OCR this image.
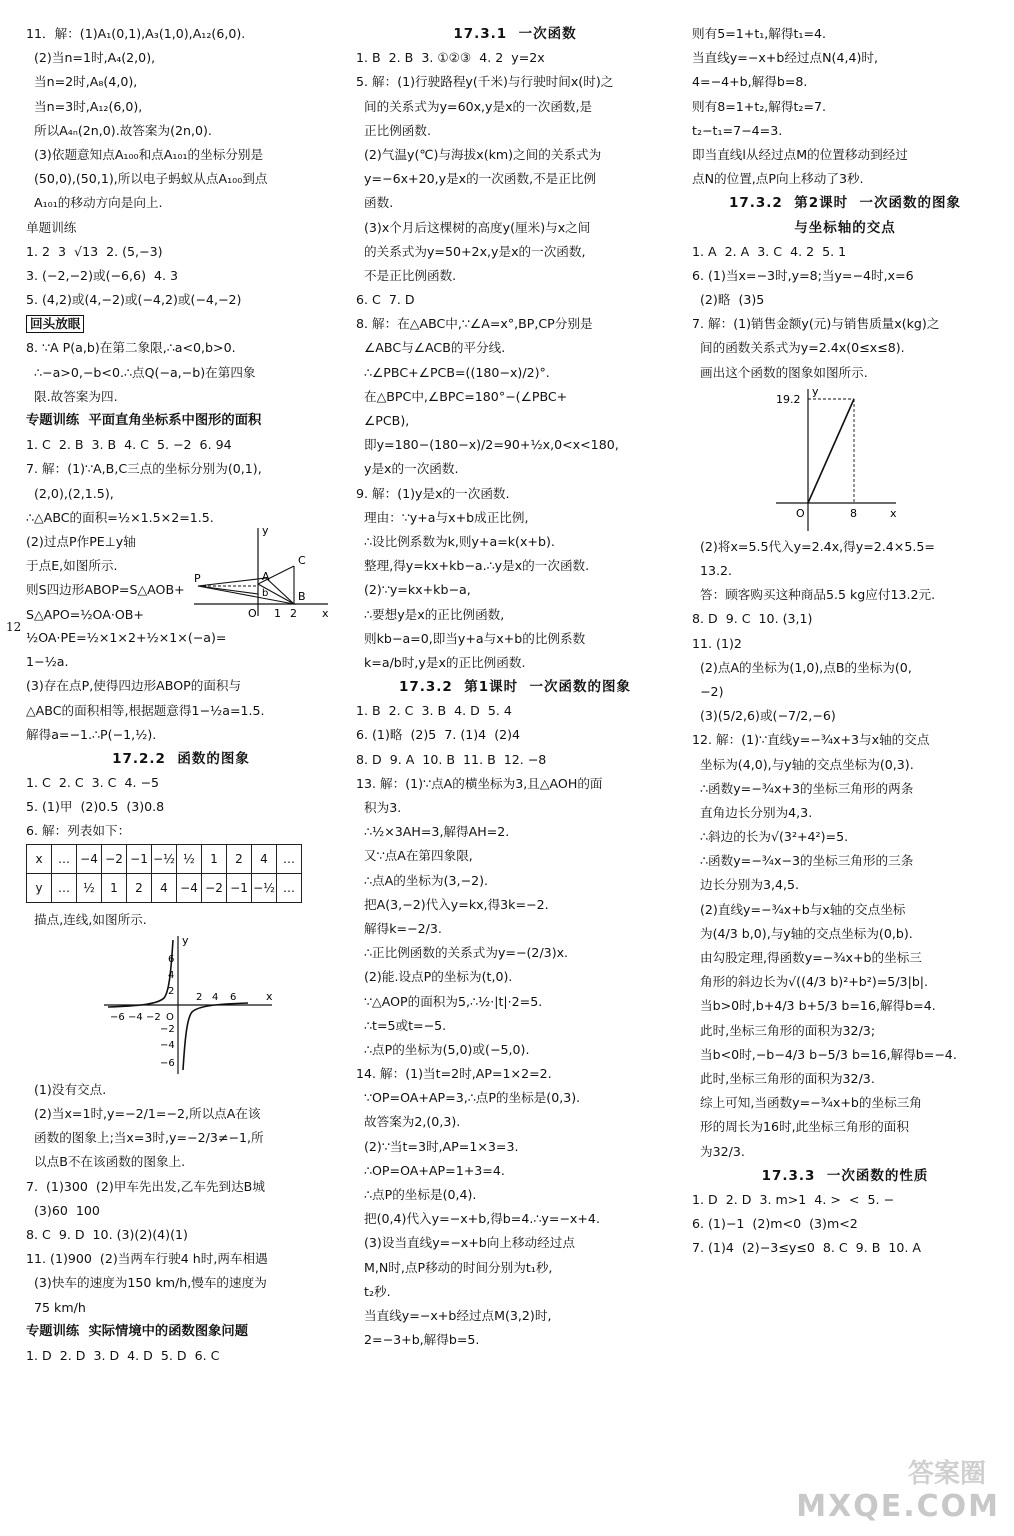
12
11．解：(1)A₁(0,1),A₃(1,0),A₁₂(6,0).
(2)当n=1时,A₄(2,0),
当n=2时,A₈(4,0),
当n=3时,A₁₂(6,0),
所以A₄ₙ(2n,0).故答案为(2n,0).
(3)依题意知点A₁₀₀和点A₁₀₁的坐标分别是
(50,0),(50,1),所以电子蚂蚁从点A₁₀₀到点
A₁₀₁的移动方向是向上.
单题训练
1. 2  3  √13  2. (5,−3)
3. (−2,−2)或(−6,6)  4. 3
5. (4,2)或(4,−2)或(−4,2)或(−4,−2)
回头放眼
8. ∵A P(a,b)在第二象限,∴a<0,b>0.
∴−a>0,−b<0.∴点Q(−a,−b)在第四象
限.故答案为四.
专题训练  平面直角坐标系中图形的面积
1. C  2. B  3. B  4. C  5. −2  6. 94
7. 解：(1)∵A,B,C三点的坐标分别为(0,1),
(2,0),(2,1.5),
∴△ABC的面积=½×1.5×2=1.5.
(2)过点P作PE⊥y轴
于点E,如图所示.
则S四边形ABOP=S△AOB+
S△APO=½OA·OB+
y
A
C
P
b	B
O 1 2 x
½OA·PE=½×1×2+½×1×(−a)=
1−½a.
(3)存在点P,使得四边形ABOP的面积与
△ABC的面积相等,根据题意得1−½a=1.5.
解得a=−1.∴P(−1,½).
17.2.2  函数的图象
1. C  2. C  3. C  4. −5
5. (1)甲  (2)0.5  (3)0.8
6. 解：列表如下：
x	…	−4	−2	−1	−½	½	1	2	4	…
y	…	½	1	2	4	−4	−2	−1	−½	…
描点,连线,如图所示.
y
6
4
2
−6 −4 −2 O
2 4 6	x
−2
−4
−6
(1)没有交点.
(2)当x=1时,y=−2/1=−2,所以点A在该
函数的图象上;当x=3时,y=−2/3≠−1,所
以点B不在该函数的图象上.
7.  (1)300  (2)甲车先出发,乙车先到达B城
(3)60  100
8. C  9. D  10. (3)(2)(4)(1)
11. (1)900  (2)当两车行驶4 h时,两车相遇
(3)快车的速度为150 km/h,慢车的速度为
75 km/h
专题训练  实际情境中的函数图象问题
1. D  2. D  3. D  4. D  5. D  6. C
17.3.1  一次函数
1. B  2. B  3. ①②③  4. 2  y=2x
5. 解：(1)行驶路程y(千米)与行驶时间x(时)之
间的关系式为y=60x,y是x的一次函数,是
正比例函数.
(2)气温y(℃)与海拔x(km)之间的关系式为
y=−6x+20,y是x的一次函数,不是正比例
函数.
(3)x个月后这棵树的高度y(厘米)与x之间
的关系式为y=50+2x,y是x的一次函数,
不是正比例函数.
6. C  7. D
8. 解：在△ABC中,∵∠A=x°,BP,CP分别是
∠ABC与∠ACB的平分线.
∴∠PBC+∠PCB=((180−x)/2)°.
在△BPC中,∠BPC=180°−(∠PBC+
∠PCB),
即y=180−(180−x)/2=90+½x,0<x<180,
y是x的一次函数.
9. 解：(1)y是x的一次函数.
理由：∵y+a与x+b成正比例,
∴设比例系数为k,则y+a=k(x+b).
整理,得y=kx+kb−a.∴y是x的一次函数.
(2)∵y=kx+kb−a,
∴要想y是x的正比例函数,
则kb−a=0,即当y+a与x+b的比例系数
k=a/b时,y是x的正比例函数.
17.3.2  第1课时  一次函数的图象
1. B  2. C  3. B  4. D  5. 4
6. (1)略  (2)5  7. (1)4  (2)4
8. D  9. A  10. B  11. B  12. −8
13. 解：(1)∵点A的横坐标为3,且△AOH的面
积为3.
∴½×3AH=3,解得AH=2.
又∵点A在第四象限,
∴点A的坐标为(3,−2).
把A(3,−2)代入y=kx,得3k=−2.
解得k=−2/3.
∴正比例函数的关系式为y=−(2/3)x.
(2)能.设点P的坐标为(t,0).
∵△AOP的面积为5,∴½·|t|·2=5.
∴t=5或t=−5.
∴点P的坐标为(5,0)或(−5,0).
14. 解：(1)当t=2时,AP=1×2=2.
∵OP=OA+AP=3,∴点P的坐标是(0,3).
故答案为2,(0,3).
(2)∵当t=3时,AP=1×3=3.
∴OP=OA+AP=1+3=4.
∴点P的坐标是(0,4).
把(0,4)代入y=−x+b,得b=4.∴y=−x+4.
(3)设当直线y=−x+b向上移动经过点
M,N时,点P移动的时间分别为t₁秒,
t₂秒.
当直线y=−x+b经过点M(3,2)时,
2=−3+b,解得b=5.
则有5=1+t₁,解得t₁=4.
当直线y=−x+b经过点N(4,4)时,
4=−4+b,解得b=8.
则有8=1+t₂,解得t₂=7.
t₂−t₁=7−4=3.
即当直线l从经过点M的位置移动到经过
点N的位置,点P向上移动了3秒.
17.3.2  第2课时  一次函数的图象
与坐标轴的交点
1. A  2. A  3. C  4. 2  5. 1
6. (1)当x=−3时,y=8;当y=−4时,x=6
(2)略  (3)5
7. 解：(1)销售金额y(元)与销售质量x(kg)之
间的函数关系式为y=2.4x(0≤x≤8).
画出这个函数的图象如图所示.
y
19.2
O	8	x
(2)将x=5.5代入y=2.4x,得y=2.4×5.5=
13.2.
答：顾客购买这种商品5.5 kg应付13.2元.
8. D  9. C  10. (3,1)
11. (1)2
(2)点A的坐标为(1,0),点B的坐标为(0,
−2)
(3)(5/2,6)或(−7/2,−6)
12. 解：(1)∵直线y=−¾x+3与x轴的交点
坐标为(4,0),与y轴的交点坐标为(0,3).
∴函数y=−¾x+3的坐标三角形的两条
直角边长分别为4,3.
∴斜边的长为√(3²+4²)=5.
∴函数y=−¾x−3的坐标三角形的三条
边长分别为3,4,5.
(2)直线y=−¾x+b与x轴的交点坐标
为(4/3 b,0),与y轴的交点坐标为(0,b).
由勾股定理,得函数y=−¾x+b的坐标三
角形的斜边长为√((4/3 b)²+b²)=5/3|b|.
当b>0时,b+4/3 b+5/3 b=16,解得b=4.
此时,坐标三角形的面积为32/3;
当b<0时,−b−4/3 b−5/3 b=16,解得b=−4.
此时,坐标三角形的面积为32/3.
综上可知,当函数y=−¾x+b的坐标三角
形的周长为16时,此坐标三角形的面积
为32/3.
17.3.3  一次函数的性质
1. D  2. D  3. m>1  4. >  <  5. −
6. (1)−1  (2)m<0  (3)m<2
7. (1)4  (2)−3≤y≤0  8. C  9. B  10. A
答案圈
MXQE.COM
